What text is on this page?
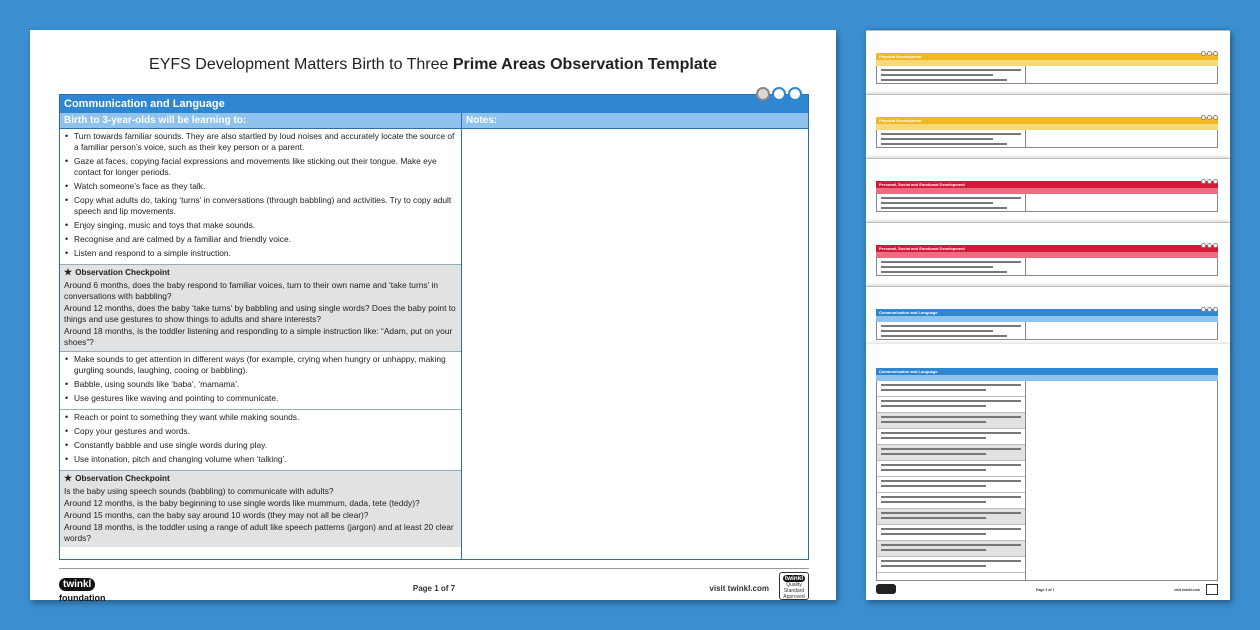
EYFS Development Matters Birth to Three Prime Areas Observation Template
Communication and Language
Birth to 3-year-olds will be learning to:	Notes:
• Turn towards familiar sounds. They are also startled by loud noises and accurately locate the source of a familiar person’s voice, such as their key person or a parent.
• Gaze at faces, copying facial expressions and movements like sticking out their tongue. Make eye contact for longer periods.
• Watch someone’s face as they talk.
• Copy what adults do, taking ‘turns’ in conversations (through babbling) and activities. Try to copy adult speech and lip movements.
• Enjoy singing, music and toys that make sounds.
• Recognise and are calmed by a familiar and friendly voice.
• Listen and respond to a simple instruction.
★ Observation Checkpoint
Around 6 months, does the baby respond to familiar voices, turn to their own name and ‘take turns’ in conversations with babbling?
Around 12 months, does the baby ‘take turns’ by babbling and using single words? Does the baby point to things and use gestures to show things to adults and share interests?
Around 18 months, is the toddler listening and responding to a simple instruction like: “Adam, put on your shoes”?
• Make sounds to get attention in different ways (for example, crying when hungry or unhappy, making gurgling sounds, laughing, cooing or babbling).
• Babble, using sounds like ‘baba’, ‘mamama’.
• Use gestures like waving and pointing to communicate.
• Reach or point to something they want while making sounds.
• Copy your gestures and words.
• Constantly babble and use single words during play.
• Use intonation, pitch and changing volume when ‘talking’.
★ Observation Checkpoint
Is the baby using speech sounds (babbling) to communicate with adults?
Around 12 months, is the baby beginning to use single words like mummum, dada, tete (teddy)?
Around 15 months, can the baby say around 10 words (they may not all be clear)?
Around 18 months, is the toddler using a range of adult like speech patterns (jargon) and at least 20 clear words?
twinkl
foundation
Page 1 of 7	visit twinkl.com
twinkl
Quality Standard Approved
Physical Development
Physical Development
Personal, Social and Emotional Development
Personal, Social and Emotional Development
Communication and Language
Communication and Language
Page 2 of 7	visit twinkl.com
